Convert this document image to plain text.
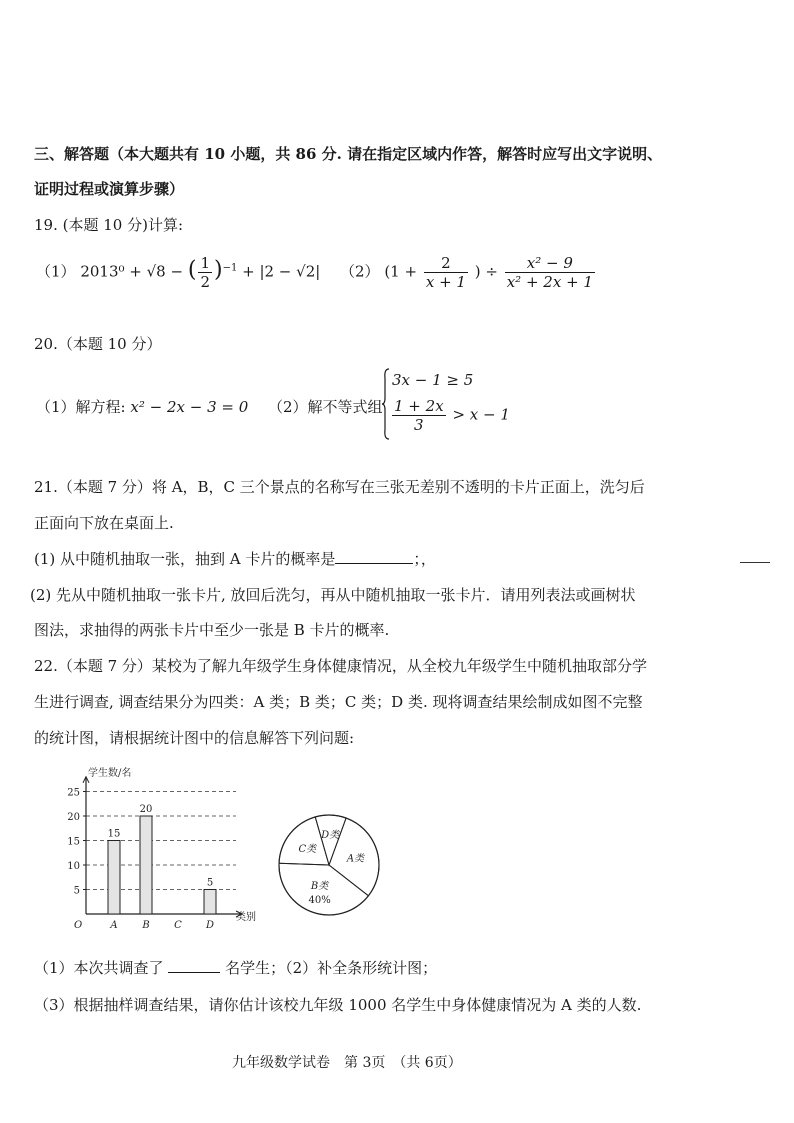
三、解答题（本大题共有 10 小题，共 86 分. 请在指定区域内作答，解答时应写出文字说明、
证明过程或演算步骤）
19. (本题 10 分)计算:
（1） 2013⁰ + √8 − ( $\frac{1}{2} )^{-1} + |2 - √2|$ （2） ($1 + \frac{2}{x + 1}$ ) ÷ $\frac{\text{x² − 9}}{\text{x² + 2x + 1}}$
20.（本题 10 分）
（1）解方程: x² − 2x − 3 = 0 （2）解不等式组
3x − 1 ≥ 5
$\frac{1 + 2x}{3} > x - 1$
21.（本题 7 分）将 A，B，C 三个景点的名称写在三张无差别不透明的卡片正面上，洗匀后
正面向下放在桌面上.
(1) 从中随机抽取一张，抽到 A 卡片的概率是	；，
(2) 先从中随机抽取一张卡片, 放回后洗匀，再从中随机抽取一张卡片．请用列表法或画树状
图法，求抽得的两张卡片中至少一张是 B 卡片的概率.
22.（本题 7 分）某校为了解九年级学生身体健康情况，从全校九年级学生中随机抽取部分学
生进行调查, 调查结果分为四类：A 类；B 类；C 类；D 类. 现将调查结果绘制成如图不完整
的统计图，请根据统计图中的信息解答下列问题:
5
10
15
20
25
学生数/名
类别
O	A
15
B
20
C D
5
A类
B类
40%
C类
D类
（1）本次共调查了	名学生；（2）补全条形统计图；
（3）根据抽样调查结果，请你估计该校九年级 1000 名学生中身体健康情况为 A 类的人数.
九年级数学试卷　第 3页　（共 6页）
